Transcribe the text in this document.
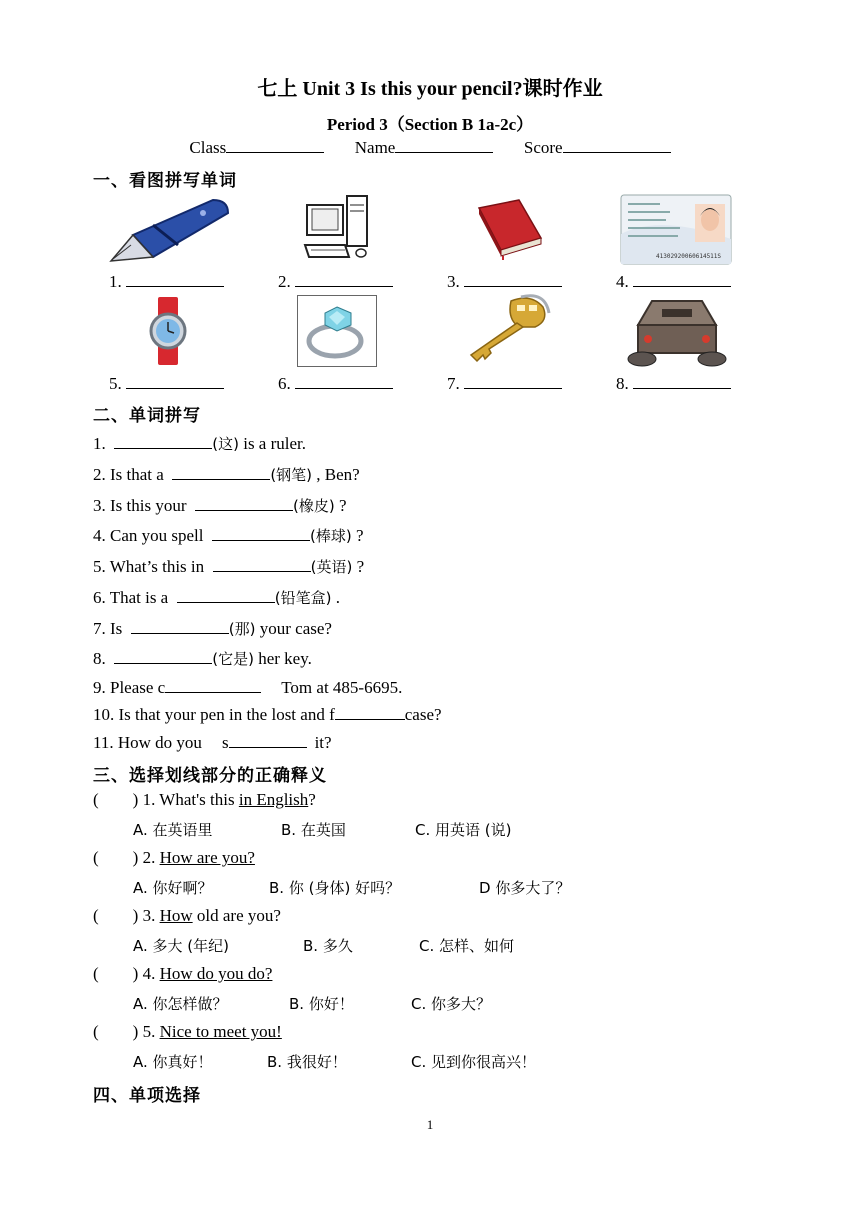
七上 Unit 3 Is this your pencil?课时作业
Period 3（Section B 1a-2c）
Class	Name	Score
一、看图拼写单词
41302920060614511S
1.	2.	3.	4.
5.	6.	7.	8.
二、单词拼写
1.	(这) is a ruler.
2. Is that a	(钢笔) , Ben?
3. Is this your	(橡皮) ?
4. Can you spell	(棒球) ?
5. What’s this in	(英语) ?
6. That is a	(铅笔盒) .
7. Is	(那) your case?
8.	(它是) her key.
9. Please c	Tom at 485-6695.
10. Is that your pen in the lost and f	case?
11. How do you s	it?
三、选择划线部分的正确释义
(        ) 1. What's this in English?
A. 在英语里	B. 在英国	C. 用英语 (说)
(        ) 2. How are you?
A. 你好啊？	B. 你 (身体) 好吗？	D 你多大了？
(        ) 3. How old are you?
A. 多大 (年纪)	B. 多久	C. 怎样、如何
(        ) 4. How do you do?
A. 你怎样做？	B. 你好！	C. 你多大？
(        ) 5. Nice to meet you!
A. 你真好！	B. 我很好！	C. 见到你很高兴！
四、单项选择
1
